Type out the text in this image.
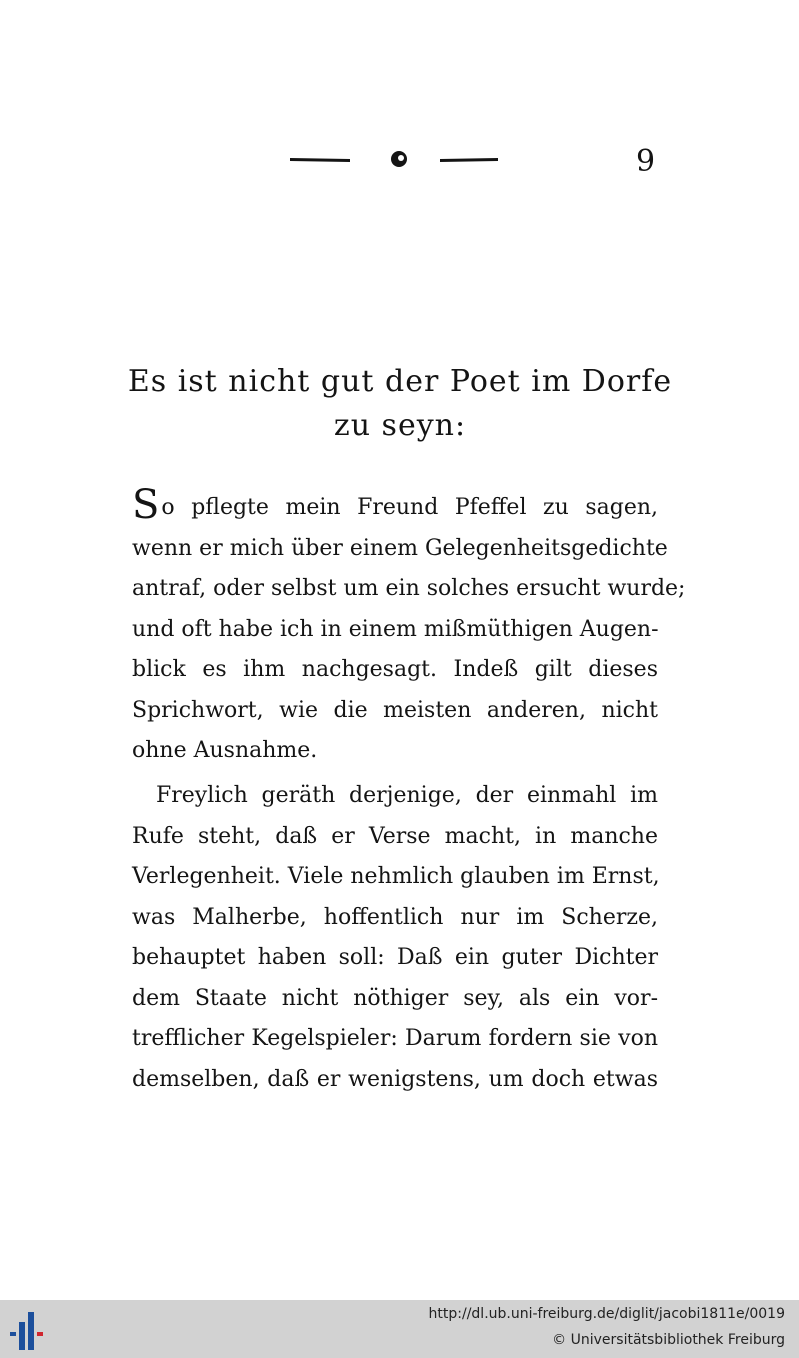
9
Es ist nicht gut der Poet im Dorfe
zu seyn:
So pflegte mein Freund Pfeffel zu sagen,
wenn er mich über einem Gelegenheitsgedichte
antraf, oder selbst um ein solches ersucht wurde;
und oft habe ich in einem mißmüthigen Augen-
blick es ihm nachgesagt. Indeß gilt dieses
Sprichwort, wie die meisten anderen, nicht
ohne Ausnahme.
Freylich geräth derjenige, der einmahl im
Rufe steht, daß er Verse macht, in manche
Verlegenheit. Viele nehmlich glauben im Ernst,
was Malherbe, hoffentlich nur im Scherze,
behauptet haben soll: Daß ein guter Dichter
dem Staate nicht nöthiger sey, als ein vor-
trefflicher Kegelspieler: Darum fordern sie von
demselben, daß er wenigstens, um doch etwas
http://dl.ub.uni-freiburg.de/diglit/jacobi1811e/0019
© Universitätsbibliothek Freiburg
